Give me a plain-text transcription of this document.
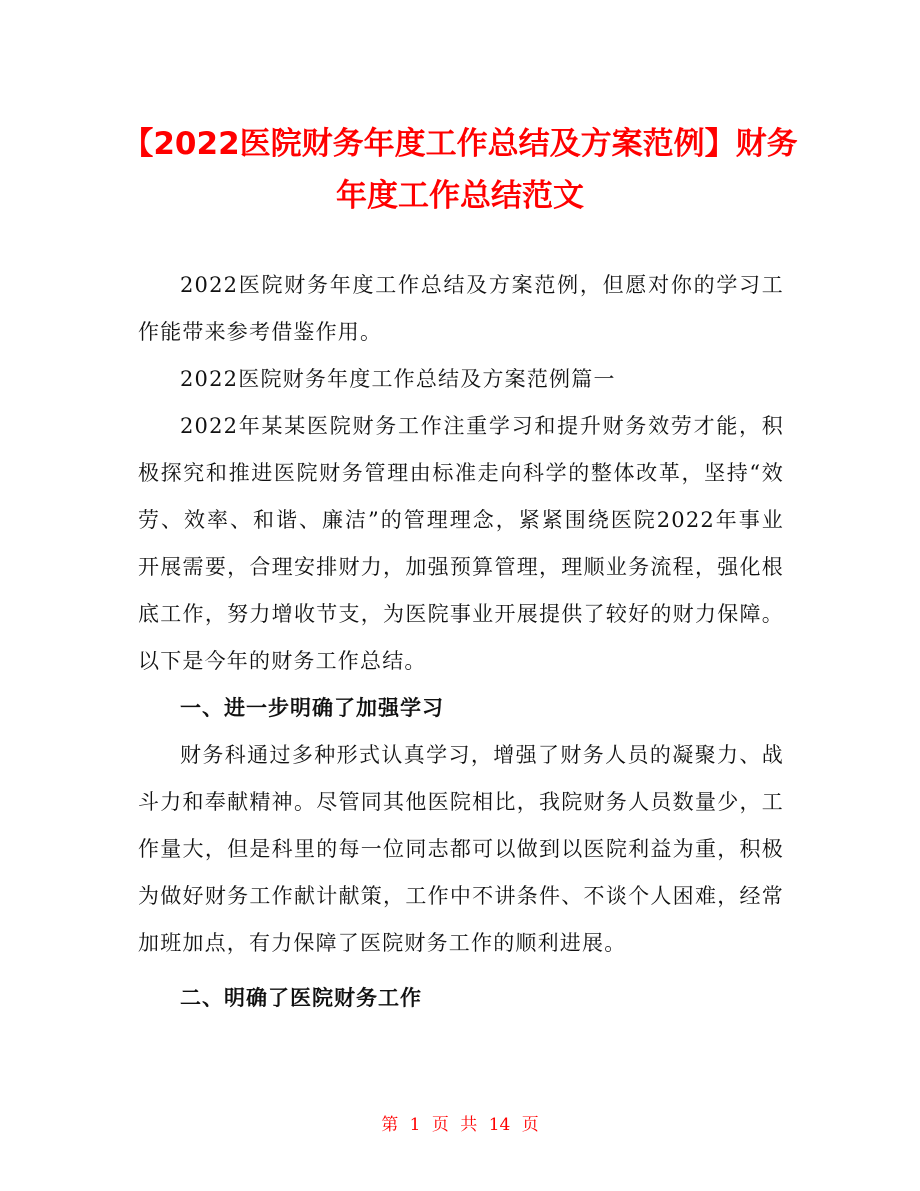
【2022医院财务年度工作总结及方案范例】财务年度工作总结范文

2022医院财务年度工作总结及方案范例，但愿对你的学习工作能带来参考借鉴作用。

2022医院财务年度工作总结及方案范例篇一

2022年某某医院财务工作注重学习和提升财务效劳才能，积极探究和推进医院财务管理由标准走向科学的整体改革，坚持“效劳、效率、和谐、廉洁”的管理理念，紧紧围绕医院2022年事业开展需要，合理安排财力，加强预算管理，理顺业务流程，强化根底工作，努力增收节支，为医院事业开展提供了较好的财力保障。以下是今年的财务工作总结。

一、进一步明确了加强学习

财务科通过多种形式认真学习，增强了财务人员的凝聚力、战斗力和奉献精神。尽管同其他医院相比，我院财务人员数量少，工作量大，但是科里的每一位同志都可以做到以医院利益为重，积极为做好财务工作献计献策，工作中不讲条件、不谈个人困难，经常加班加点，有力保障了医院财务工作的顺利进展。

二、明确了医院财务工作

第 1 页 共 14 页
